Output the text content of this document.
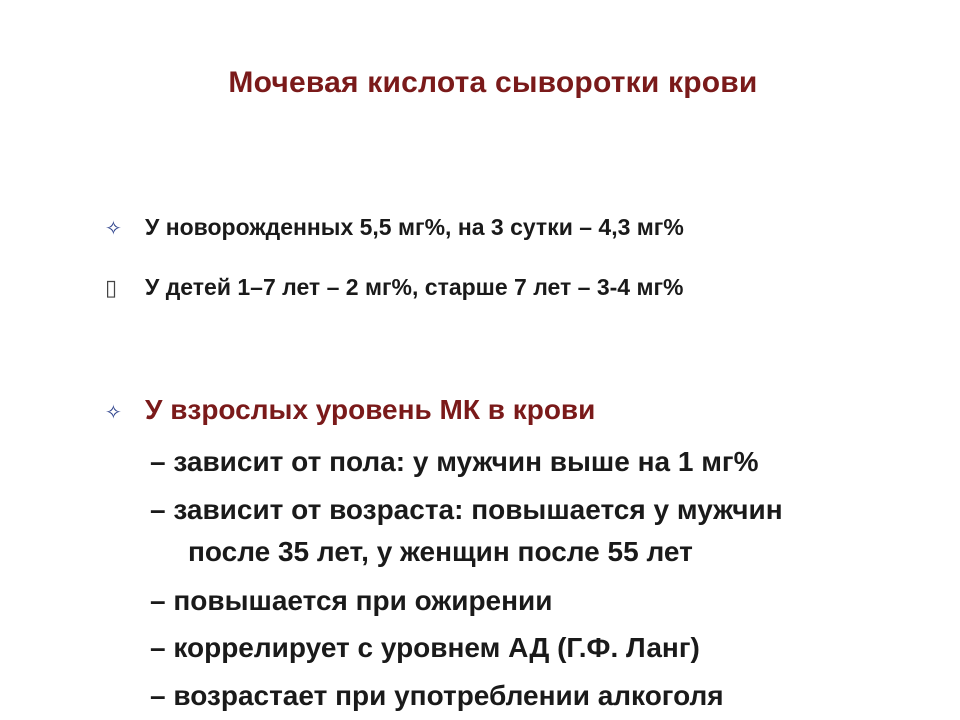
Мочевая кислота сыворотки крови
✧	У новорожденных 5,5 мг%, на 3 сутки – 4,3 мг%
▯	У детей 1–7 лет – 2 мг%, старше 7 лет – 3-4 мг%
✧ У взрослых уровень МК в крови
– зависит от пола: у мужчин выше на 1 мг%
– зависит от возраста: повышается у мужчин
после 35 лет, у женщин после 55 лет
– повышается при ожирении
– коррелирует с уровнем АД (Г.Ф. Ланг)
– возрастает при употреблении алкоголя
